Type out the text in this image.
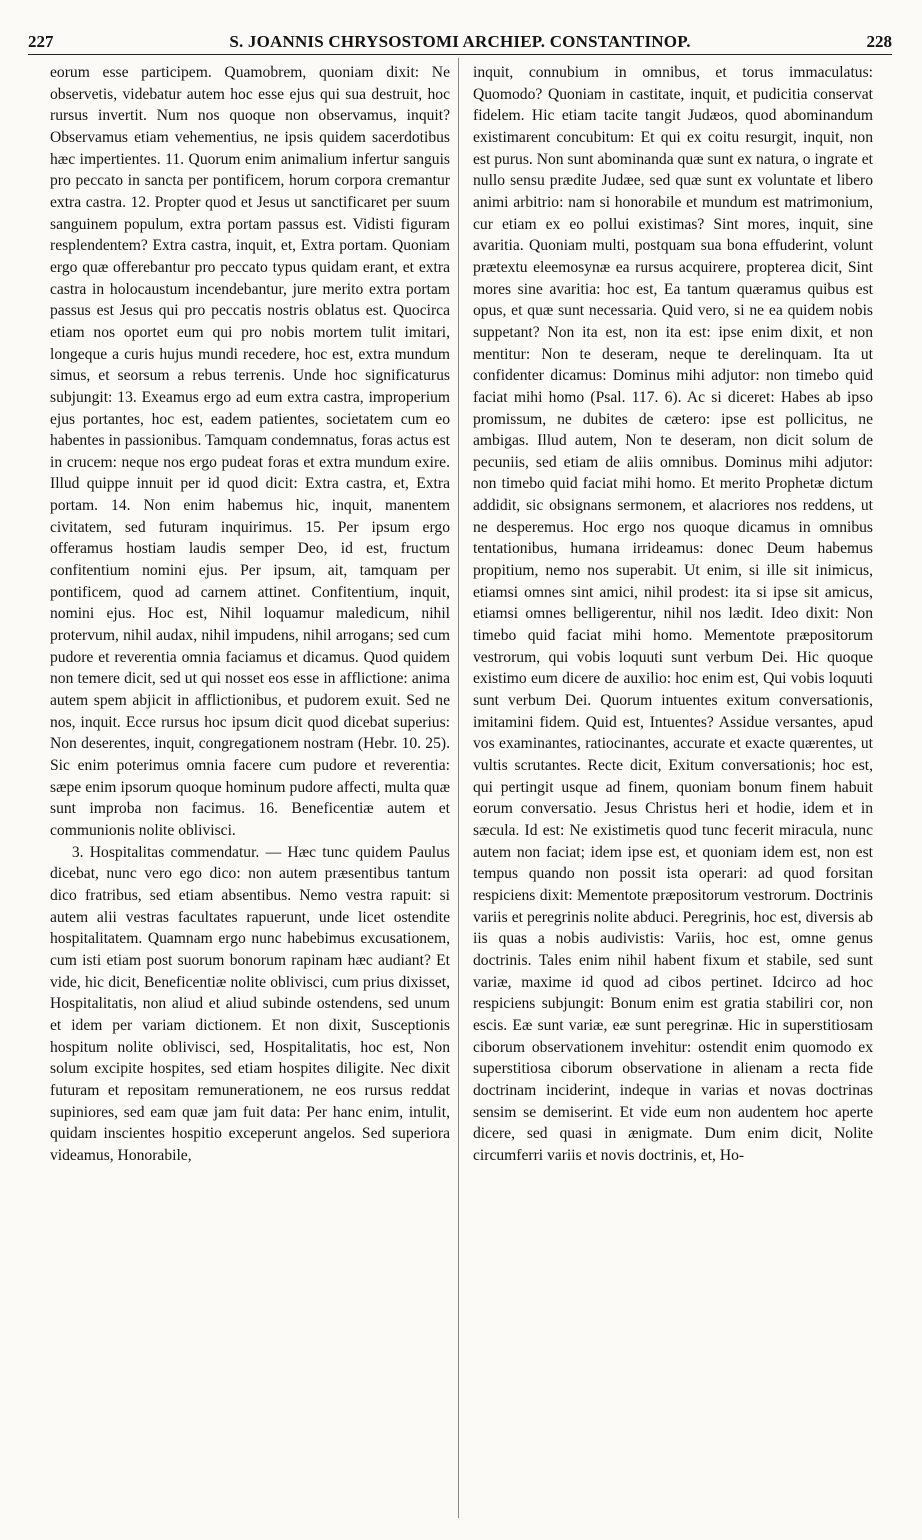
227	S. JOANNIS CHRYSOSTOMI ARCHIEP. CONSTANTINOP.	228

eorum esse participem. Quamobrem, quoniam dixit: Ne observetis, videbatur autem hoc esse ejus qui sua destruit, hoc rursus invertit. Num nos quoque non observamus, inquit? Observamus etiam vehementius, ne ipsis quidem sacerdotibus hæc impertientes. 11. Quorum enim animalium infertur sanguis pro peccato in sancta per pontificem, horum corpora cremantur extra castra. 12. Propter quod et Jesus ut sanctificaret per suum sanguinem populum, extra portam passus est. Vidisti figuram resplendentem? Extra castra, inquit, et, Extra portam. Quoniam ergo quæ offerebantur pro peccato typus quidam erant, et extra castra in holocaustum incendebantur, jure merito extra portam passus est Jesus qui pro peccatis nostris oblatus est. Quocirca etiam nos oportet eum qui pro nobis mortem tulit imitari, longeque a curis hujus mundi recedere, hoc est, extra mundum simus, et seorsum a rebus terrenis. Unde hoc significaturus subjungit: 13. Exeamus ergo ad eum extra castra, improperium ejus portantes, hoc est, eadem patientes, societatem cum eo habentes in passionibus. Tamquam condemnatus, foras actus est in crucem: neque nos ergo pudeat foras et extra mundum exire. Illud quippe innuit per id quod dicit: Extra castra, et, Extra portam. 14. Non enim habemus hic, inquit, manentem civitatem, sed futuram inquirimus. 15. Per ipsum ergo offeramus hostiam laudis semper Deo, id est, fructum confitentium nomini ejus. Per ipsum, ait, tamquam per pontificem, quod ad carnem attinet. Confitentium, inquit, nomini ejus. Hoc est, Nihil loquamur maledicum, nihil protervum, nihil audax, nihil impudens, nihil arrogans; sed cum pudore et reverentia omnia faciamus et dicamus. Quod quidem non temere dicit, sed ut qui nosset eos esse in afflictione: anima autem spem abjicit in afflictionibus, et pudorem exuit. Sed ne nos, inquit. Ecce rursus hoc ipsum dicit quod dicebat superius: Non deserentes, inquit, congregationem nostram (Hebr. 10. 25). Sic enim poterimus omnia facere cum pudore et reverentia: sæpe enim ipsorum quoque hominum pudore affecti, multa quæ sunt improba non facimus. 16. Beneficentiæ autem et communionis nolite oblivisci.

3. Hospitalitas commendatur. — Hæc tunc quidem Paulus dicebat, nunc vero ego dico: non autem præsentibus tantum dico fratribus, sed etiam absentibus. Nemo vestra rapuit: si autem alii vestras facultates rapuerunt, unde licet ostendite hospitalitatem. Quamnam ergo nunc habebimus excusationem, cum isti etiam post suorum bonorum rapinam hæc audiant? Et vide, hic dicit, Beneficentiæ nolite oblivisci, cum prius dixisset, Hospitalitatis, non aliud et aliud subinde ostendens, sed unum et idem per variam dictionem. Et non dixit, Susceptionis hospitum nolite oblivisci, sed, Hospitalitatis, hoc est, Non solum excipite hospites, sed etiam hospites diligite. Nec dixit futuram et repositam remunerationem, ne eos rursus reddat supiniores, sed eam quæ jam fuit data: Per hanc enim, intulit, quidam inscientes hospitio exceperunt angelos. Sed superiora videamus, Honorabile,

inquit, connubium in omnibus, et torus immaculatus: Quomodo? Quoniam in castitate, inquit, et pudicitia conservat fidelem. Hic etiam tacite tangit Judæos, quod abominandum existimarent concubitum: Et qui ex coitu resurgit, inquit, non est purus. Non sunt abominanda quæ sunt ex natura, o ingrate et nullo sensu prædite Judæe, sed quæ sunt ex voluntate et libero animi arbitrio: nam si honorabile et mundum est matrimonium, cur etiam ex eo pollui existimas? Sint mores, inquit, sine avaritia. Quoniam multi, postquam sua bona effuderint, volunt prætextu eleemosynæ ea rursus acquirere, propterea dicit, Sint mores sine avaritia: hoc est, Ea tantum quæramus quibus est opus, et quæ sunt necessaria. Quid vero, si ne ea quidem nobis suppetant? Non ita est, non ita est: ipse enim dixit, et non mentitur: Non te deseram, neque te derelinquam. Ita ut confidenter dicamus: Dominus mihi adjutor: non timebo quid faciat mihi homo (Psal. 117. 6). Ac si diceret: Habes ab ipso promissum, ne dubites de cætero: ipse est pollicitus, ne ambigas. Illud autem, Non te deseram, non dicit solum de pecuniis, sed etiam de aliis omnibus. Dominus mihi adjutor: non timebo quid faciat mihi homo. Et merito Prophetæ dictum addidit, sic obsignans sermonem, et alacriores nos reddens, ut ne desperemus. Hoc ergo nos quoque dicamus in omnibus tentationibus, humana irrideamus: donec Deum habemus propitium, nemo nos superabit. Ut enim, si ille sit inimicus, etiamsi omnes sint amici, nihil prodest: ita si ipse sit amicus, etiamsi omnes belligerentur, nihil nos lædit. Ideo dixit: Non timebo quid faciat mihi homo. Mementote præpositorum vestrorum, qui vobis loquuti sunt verbum Dei. Hic quoque existimo eum dicere de auxilio: hoc enim est, Qui vobis loquuti sunt verbum Dei. Quorum intuentes exitum conversationis, imitamini fidem. Quid est, Intuentes? Assidue versantes, apud vos examinantes, ratiocinantes, accurate et exacte quærentes, ut vultis scrutantes. Recte dicit, Exitum conversationis; hoc est, qui pertingit usque ad finem, quoniam bonum finem habuit eorum conversatio. Jesus Christus heri et hodie, idem et in sæcula. Id est: Ne existimetis quod tunc fecerit miracula, nunc autem non faciat; idem ipse est, et quoniam idem est, non est tempus quando non possit ista operari: ad quod forsitan respiciens dixit: Mementote præpositorum vestrorum. Doctrinis variis et peregrinis nolite abduci. Peregrinis, hoc est, diversis ab iis quas a nobis audivistis: Variis, hoc est, omne genus doctrinis. Tales enim nihil habent fixum et stabile, sed sunt variæ, maxime id quod ad cibos pertinet. Idcirco ad hoc respiciens subjungit: Bonum enim est gratia stabiliri cor, non escis. Eæ sunt variæ, eæ sunt peregrinæ. Hic in superstitiosam ciborum observationem invehitur: ostendit enim quomodo ex superstitiosa ciborum observatione in alienam a recta fide doctrinam inciderint, indeque in varias et novas doctrinas sensim se demiserint. Et vide eum non audentem hoc aperte dicere, sed quasi in ænigmate. Dum enim dicit, Nolite circumferri variis et novis doctrinis, et, Ho-
